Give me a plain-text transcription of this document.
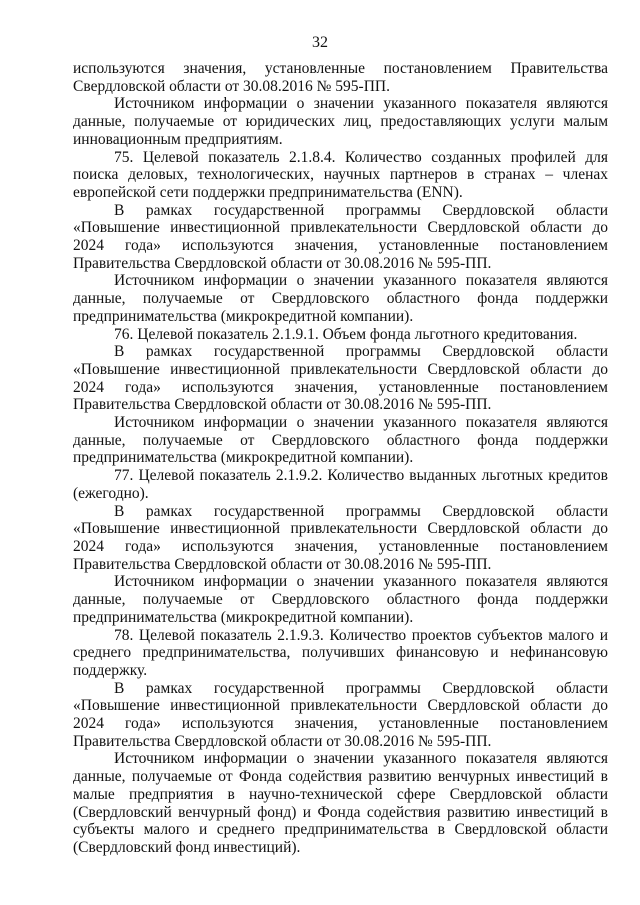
32

используются значения, установленные постановлением Правительства Свердловской области от 30.08.2016 № 595-ПП.

Источником информации о значении указанного показателя являются данные, получаемые от юридических лиц, предоставляющих услуги малым инновационным предприятиям.

75. Целевой показатель 2.1.8.4. Количество созданных профилей для поиска деловых, технологических, научных партнеров в странах – членах европейской сети поддержки предпринимательства (ENN).

В рамках государственной программы Свердловской области «Повышение инвестиционной привлекательности Свердловской области до 2024 года» используются значения, установленные постановлением Правительства Свердловской области от 30.08.2016 № 595-ПП.

Источником информации о значении указанного показателя являются данные, получаемые от Свердловского областного фонда поддержки предпринимательства (микрокредитной компании).

76. Целевой показатель 2.1.9.1. Объем фонда льготного кредитования.

В рамках государственной программы Свердловской области «Повышение инвестиционной привлекательности Свердловской области до 2024 года» используются значения, установленные постановлением Правительства Свердловской области от 30.08.2016 № 595-ПП.

Источником информации о значении указанного показателя являются данные, получаемые от Свердловского областного фонда поддержки предпринимательства (микрокредитной компании).

77. Целевой показатель 2.1.9.2. Количество выданных льготных кредитов (ежегодно).

В рамках государственной программы Свердловской области «Повышение инвестиционной привлекательности Свердловской области до 2024 года» используются значения, установленные постановлением Правительства Свердловской области от 30.08.2016 № 595-ПП.

Источником информации о значении указанного показателя являются данные, получаемые от Свердловского областного фонда поддержки предпринимательства (микрокредитной компании).

78. Целевой показатель 2.1.9.3. Количество проектов субъектов малого и среднего предпринимательства, получивших финансовую и нефинансовую поддержку.

В рамках государственной программы Свердловской области «Повышение инвестиционной привлекательности Свердловской области до 2024 года» используются значения, установленные постановлением Правительства Свердловской области от 30.08.2016 № 595-ПП.

Источником информации о значении указанного показателя являются данные, получаемые от Фонда содействия развитию венчурных инвестиций в малые предприятия в научно-технической сфере Свердловской области (Свердловский венчурный фонд) и Фонда содействия развитию инвестиций в субъекты малого и среднего предпринимательства в Свердловской области (Свердловский фонд инвестиций).
